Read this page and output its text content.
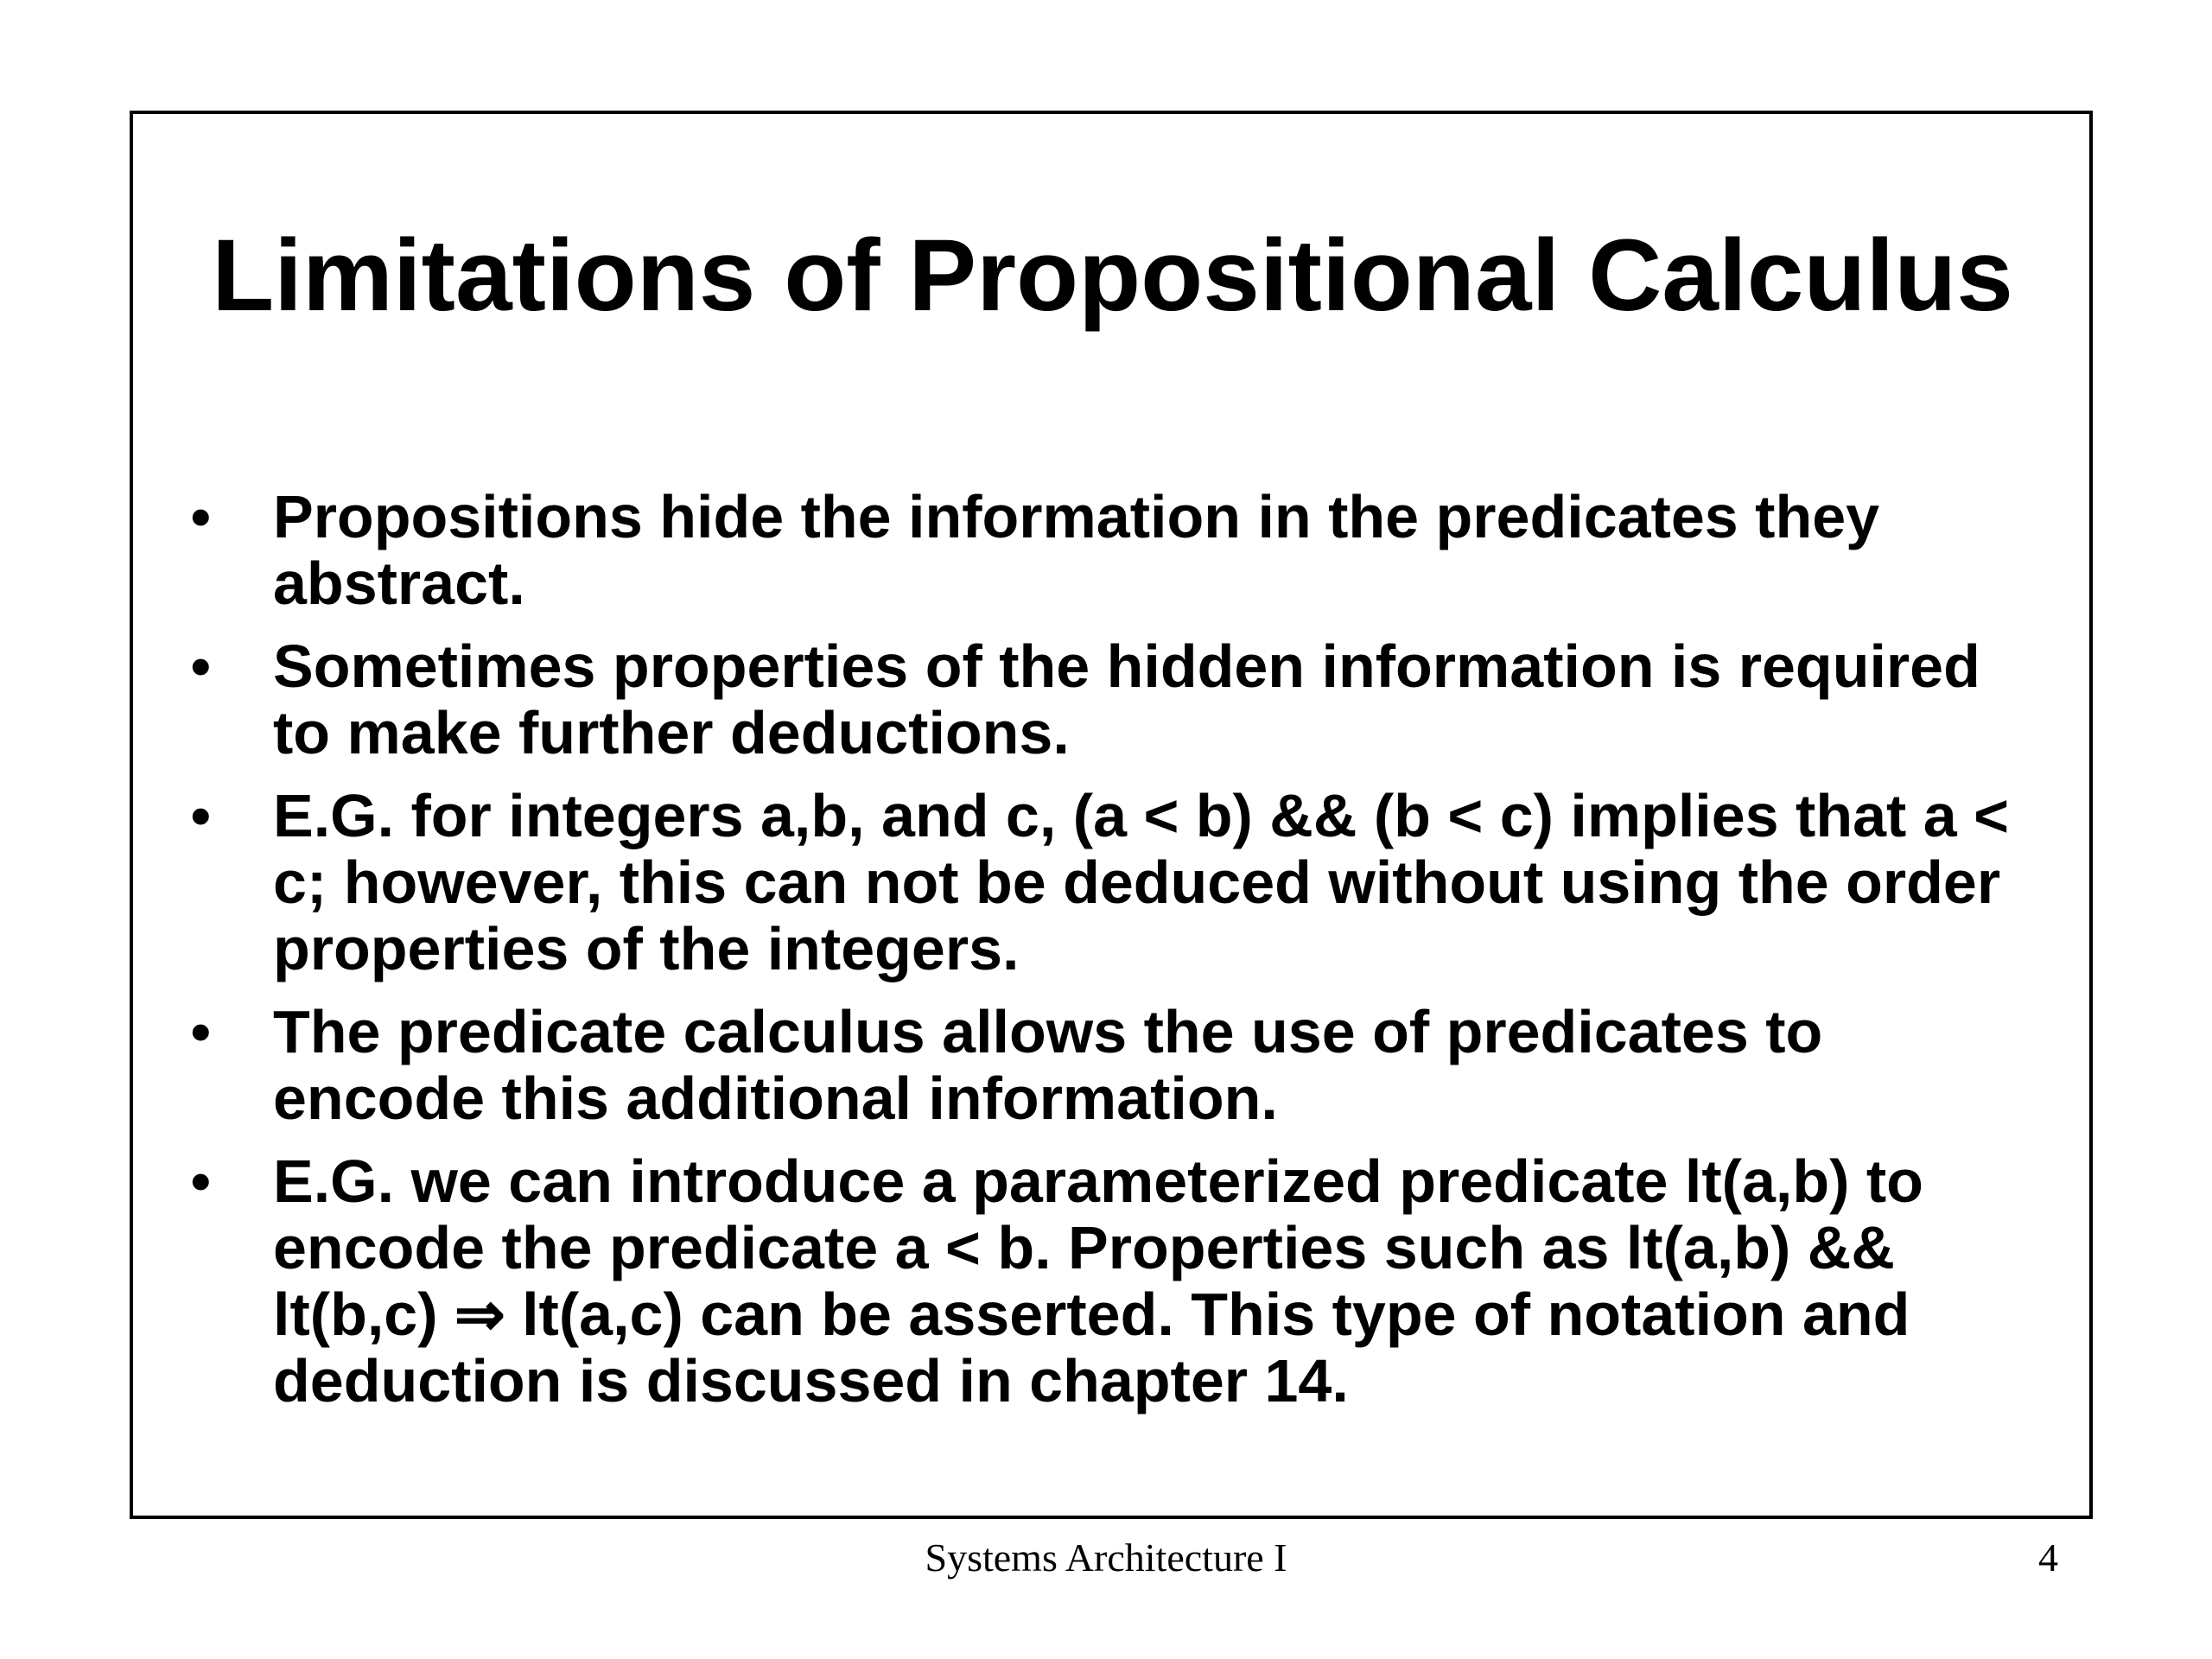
Limitations of Propositional Calculus
• Propositions hide the information in the predicates they abstract.
• Sometimes properties of the hidden information is required to make further deductions.
• E.G. for integers a,b, and c, (a < b) && (b < c) implies that a < c; however, this can not be deduced without using the order properties of the integers.
• The predicate calculus allows the use of predicates to encode this additional information.
• E.G. we can introduce a parameterized predicate lt(a,b) to encode the predicate a < b. Properties such as lt(a,b) && lt(b,c) ⇒ lt(a,c) can be asserted. This type of notation and deduction is discussed in chapter 14.
Systems Architecture I	4
